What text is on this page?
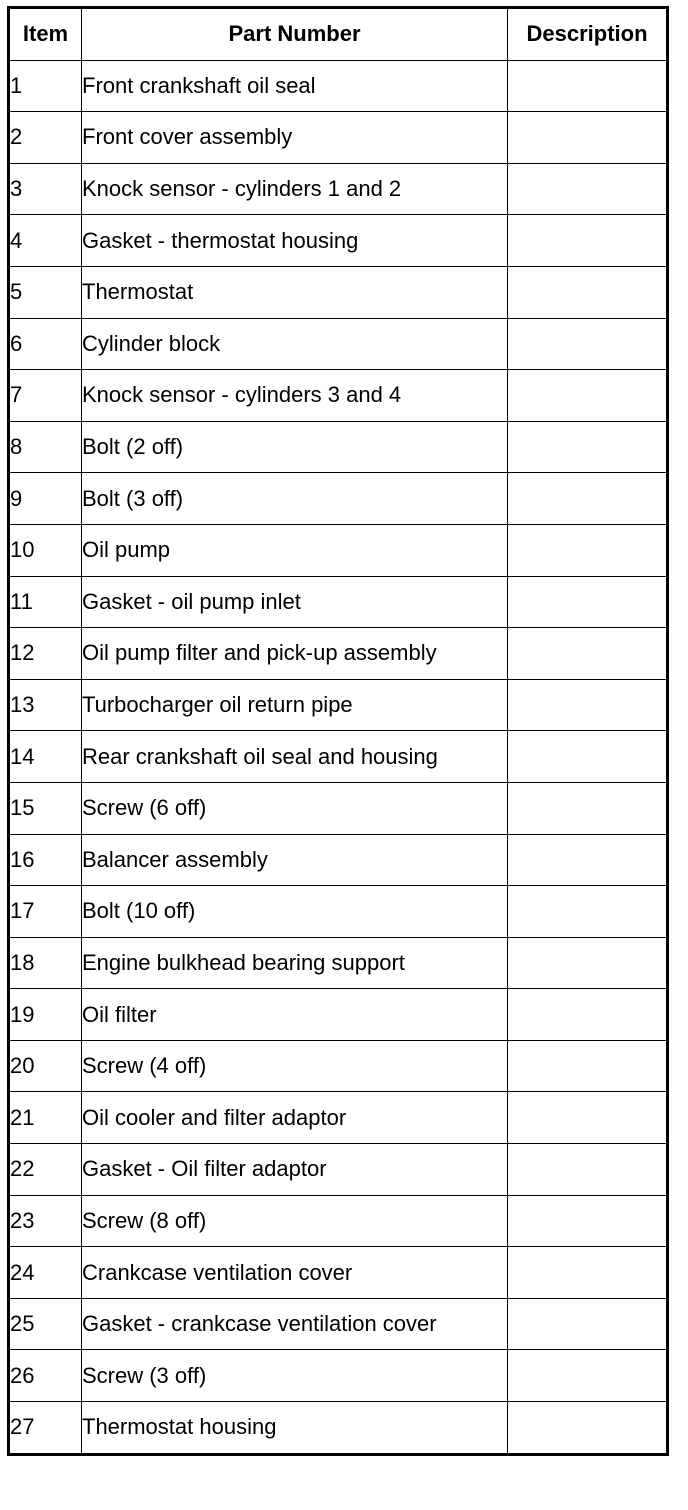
Item	Part Number	Description
1	Front crankshaft oil seal	
2	Front cover assembly	
3	Knock sensor - cylinders 1 and 2	
4	Gasket - thermostat housing	
5	Thermostat	
6	Cylinder block	
7	Knock sensor - cylinders 3 and 4	
8	Bolt (2 off)	
9	Bolt (3 off)	
10	Oil pump	
11	Gasket - oil pump inlet	
12	Oil pump filter and pick-up assembly	
13	Turbocharger oil return pipe	
14	Rear crankshaft oil seal and housing	
15	Screw (6 off)	
16	Balancer assembly	
17	Bolt (10 off)	
18	Engine bulkhead bearing support	
19	Oil filter	
20	Screw (4 off)	
21	Oil cooler and filter adaptor	
22	Gasket - Oil filter adaptor	
23	Screw (8 off)	
24	Crankcase ventilation cover	
25	Gasket - crankcase ventilation cover	
26	Screw (3 off)	
27	Thermostat housing	
